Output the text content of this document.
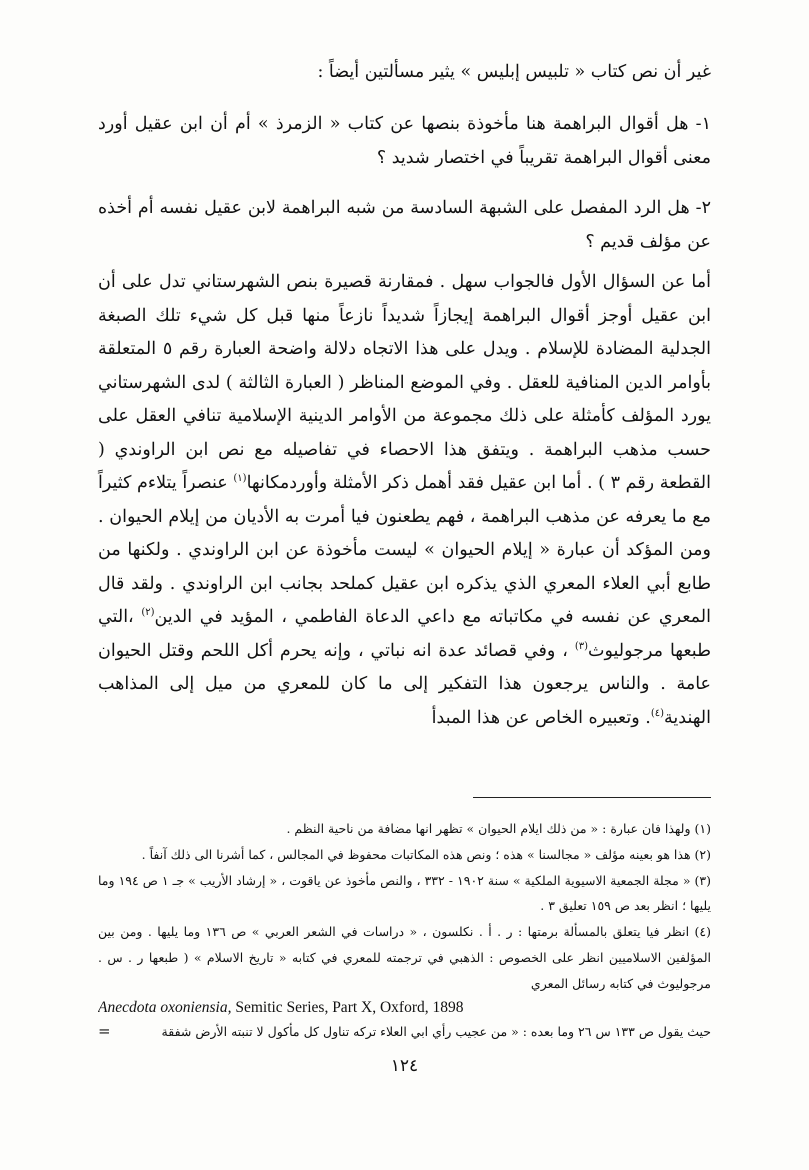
غير أن نص كتاب « تلبيس إبليس » يثير مسألتين أيضاً :

١- هل أقوال البراهمة هنا مأخوذة بنصها عن كتاب « الزمرذ » أم أن ابن عقيل أورد معنى أقوال البراهمة تقريباً في اختصار شديد ؟

٢- هل الرد المفصل على الشبهة السادسة من شبه البراهمة لابن عقيل نفسه أم أخذه عن مؤلف قديم ؟

أما عن السؤال الأول فالجواب سهل . فمقارنة قصيرة بنص الشهرستاني تدل على أن ابن عقيل أوجز أقوال البراهمة إيجازاً شديداً نازعاً منها قبل كل شيء تلك الصبغة الجدلية المضادة للإسلام . ويدل على هذا الاتجاه دلالة واضحة العبارة رقم ٥ المتعلقة بأوامر الدين المنافية للعقل . وفي الموضع المناظر ( العبارة الثالثة ) لدى الشهرستاني يورد المؤلف كأمثلة على ذلك مجموعة من الأوامر الدينية الإسلامية تنافي العقل على حسب مذهب البراهمة . ويتفق هذا الاحصاء في تفاصيله مع نص ابن الراوندي ( القطعة رقم ٣ ) . أما ابن عقيل فقد أهمل ذكر الأمثلة وأوردمكانها$^{(١)}$ عنصراً يتلاءم كثيراً مع ما يعرفه عن مذهب البراهمة ، فهم يطعنون فيا أمرت به الأديان من إيلام الحيوان . ومن المؤكد أن عبارة « إيلام الحيوان » ليست مأخوذة عن ابن الراوندي . ولكنها من طابع أبي العلاء المعري الذي يذكره ابن عقيل كملحد بجانب ابن الراوندي . ولقد قال المعري عن نفسه في مكاتباته مع داعي الدعاة الفاطمي ، المؤيد في الدين$^{(٢)}$ ،التي طبعها مرجوليوث$^{(٣)}$ ، وفي قصائد عدة انه نباتي ، وإنه يحرم أكل اللحم وقتل الحيوان عامة . والناس يرجعون هذا التفكير إلى ما كان للمعري من ميل إلى المذاهب الهندية$^{(٤)}$. وتعبيره الخاص عن هذا المبدأ

(١) ولهذا فان عبارة : « من ذلك ايلام الحيوان » تظهر انها مضافة من ناحية النظم .

(٢) هذا هو بعينه مؤلف « مجالسنا » هذه ؛ ونص هذه المكاتبات محفوظ في المجالس ، كما أشرنا الى ذلك آنفاً .

(٣) « مجلة الجمعية الاسيوية الملكية » سنة ١٩٠٢ - ٣٣٢ ، والنص مأخوذ عن ياقوت ، « إرشاد الأريب » جـ ١ ص ١٩٤ وما يليها ؛ انظر بعد ص ١٥٩ تعليق ٣ .

(٤) انظر فيا يتعلق بالمسألة برمتها : ر . أ . نكلسون ، « دراسات في الشعر العربي » ص ١٣٦ وما يليها . ومن بين المؤلفين الاسلاميين انظر على الخصوص : الذهبي في ترجمته للمعري في كتابه « تاريخ الاسلام » ( طبعها ر . س . مرجوليوث في كتابه رسائل المعري

Anecdota oxoniensia, Semitic Series, Part X, Oxford, 1898

حيث يقول ص ١٣٣ س ٢٦ وما بعده : « من عجيب رأي ابي العلاء تركه تناول كل مأكول لا تنبته الأرض شفقة
=

١٢٤
